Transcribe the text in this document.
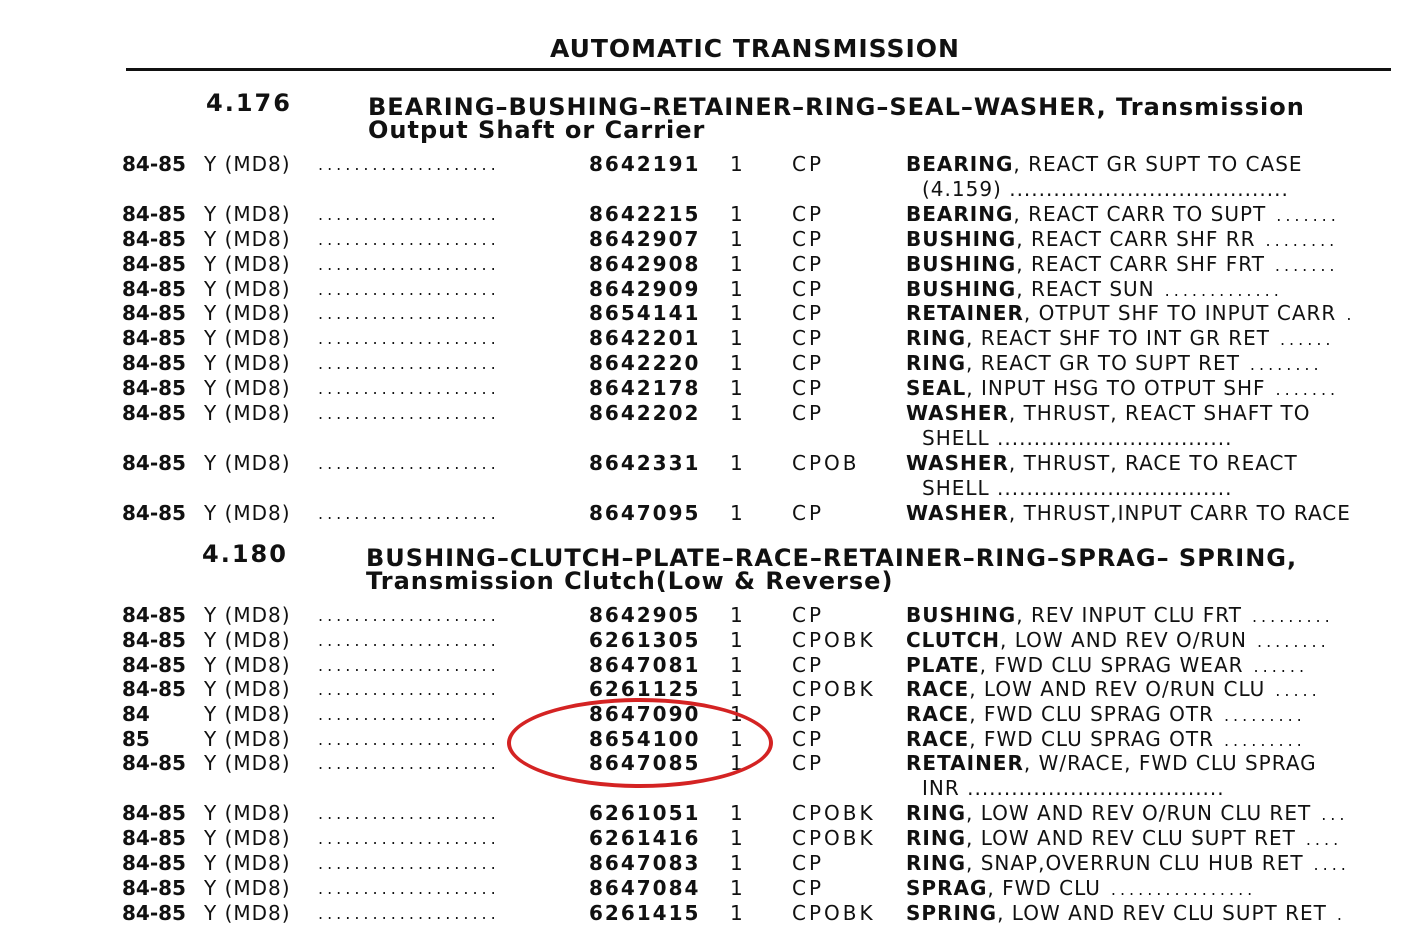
AUTOMATIC TRANSMISSION
4.176	BEARING–BUSHING–RETAINER–RING–SEAL–WASHER, Transmission
Output Shaft or Carrier
84-85 Y (MD8) ....................	8642191 1 CP	BEARING, REACT GR SUPT TO CASE
(4.159) ......................................
84-85 Y (MD8) ....................	8642215 1 CP	BEARING, REACT CARR TO SUPT .......
84-85 Y (MD8) ....................	8642907 1 CP	BUSHING, REACT CARR SHF RR ........
84-85 Y (MD8) ....................	8642908 1 CP	BUSHING, REACT CARR SHF FRT .......
84-85 Y (MD8) ....................	8642909 1 CP	BUSHING, REACT SUN .............
84-85 Y (MD8) ....................	8654141 1 CP	RETAINER, OTPUT SHF TO INPUT CARR .
84-85 Y (MD8) ....................	8642201 1 CP	RING, REACT SHF TO INT GR RET ......
84-85 Y (MD8) ....................	8642220 1 CP	RING, REACT GR TO SUPT RET ........
84-85 Y (MD8) ....................	8642178 1 CP	SEAL, INPUT HSG TO OTPUT SHF .......
84-85 Y (MD8) ....................	8642202 1 CP	WASHER, THRUST, REACT SHAFT TO
SHELL ................................
84-85 Y (MD8) ....................	8642331 1 CPOB WASHER, THRUST, RACE TO REACT
SHELL ................................
84-85 Y (MD8) ....................	8647095 1 CP	WASHER, THRUST,INPUT CARR TO RACE
4.180	BUSHING–CLUTCH–PLATE–RACE–RETAINER–RING–SPRAG– SPRING,
Transmission Clutch(Low & Reverse)
84-85 Y (MD8) ....................	8642905 1 CP	BUSHING, REV INPUT CLU FRT .........
84-85 Y (MD8) ....................	6261305 1 CPOBK CLUTCH, LOW AND REV O/RUN ........
84-85 Y (MD8) ....................	8647081 1 CP	PLATE, FWD CLU SPRAG WEAR ......
84-85 Y (MD8) ....................	6261125 1 CPOBK RACE, LOW AND REV O/RUN CLU .....
84	Y (MD8) ....................	8647090 1 CP	RACE, FWD CLU SPRAG OTR .........
85	Y (MD8) ....................	8654100 1 CP	RACE, FWD CLU SPRAG OTR .........
84-85 Y (MD8) ....................	8647085 1 CP	RETAINER, W/RACE, FWD CLU SPRAG
INR ...................................
84-85 Y (MD8) ....................	6261051 1 CPOBK RING, LOW AND REV O/RUN CLU RET ...
84-85 Y (MD8) ....................	6261416 1 CPOBK RING, LOW AND REV CLU SUPT RET ....
84-85 Y (MD8) ....................	8647083 1 CP	RING, SNAP,OVERRUN CLU HUB RET ....
84-85 Y (MD8) ....................	8647084 1 CP	SPRAG, FWD CLU ................
84-85 Y (MD8) ....................	6261415 1 CPOBK SPRING, LOW AND REV CLU SUPT RET .
